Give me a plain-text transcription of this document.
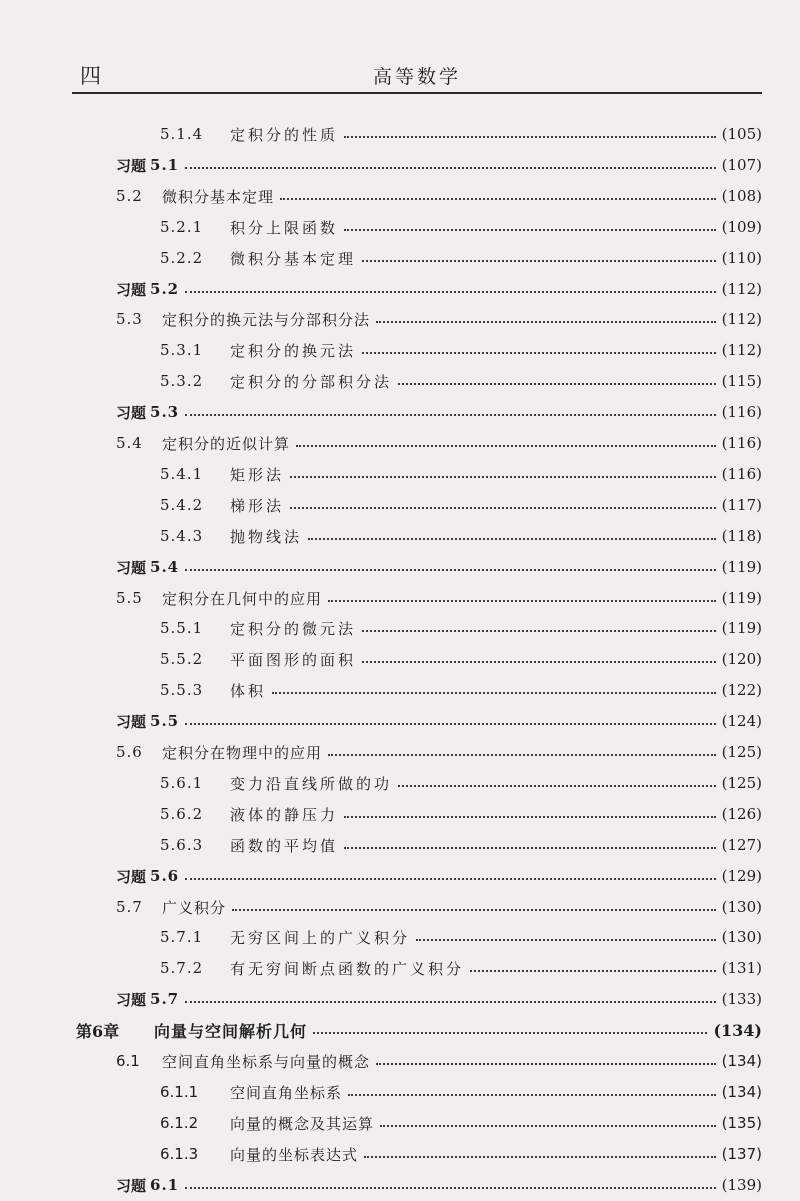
四	高等数学
5.1.4	定积分的性质	(105)
习题 5.1	(107)
5.2	微积分基本定理	(108)
5.2.1	积分上限函数	(109)
5.2.2	微积分基本定理	(110)
习题 5.2	(112)
5.3	定积分的换元法与分部积分法	(112)
5.3.1	定积分的换元法	(112)
5.3.2	定积分的分部积分法	(115)
习题 5.3	(116)
5.4	定积分的近似计算	(116)
5.4.1	矩形法	(116)
5.4.2	梯形法	(117)
5.4.3	抛物线法	(118)
习题 5.4	(119)
5.5	定积分在几何中的应用	(119)
5.5.1	定积分的微元法	(119)
5.5.2	平面图形的面积	(120)
5.5.3	体积	(122)
习题 5.5	(124)
5.6	定积分在物理中的应用	(125)
5.6.1	变力沿直线所做的功	(125)
5.6.2	液体的静压力	(126)
5.6.3	函数的平均值	(127)
习题 5.6	(129)
5.7	广义积分	(130)
5.7.1	无穷区间上的广义积分	(130)
5.7.2	有无穷间断点函数的广义积分	(131)
习题 5.7	(133)
第6章	向量与空间解析几何	(134)
6.1	空间直角坐标系与向量的概念	(134)
6.1.1	空间直角坐标系	(134)
6.1.2	向量的概念及其运算	(135)
6.1.3	向量的坐标表达式	(137)
习题 6.1	(139)
